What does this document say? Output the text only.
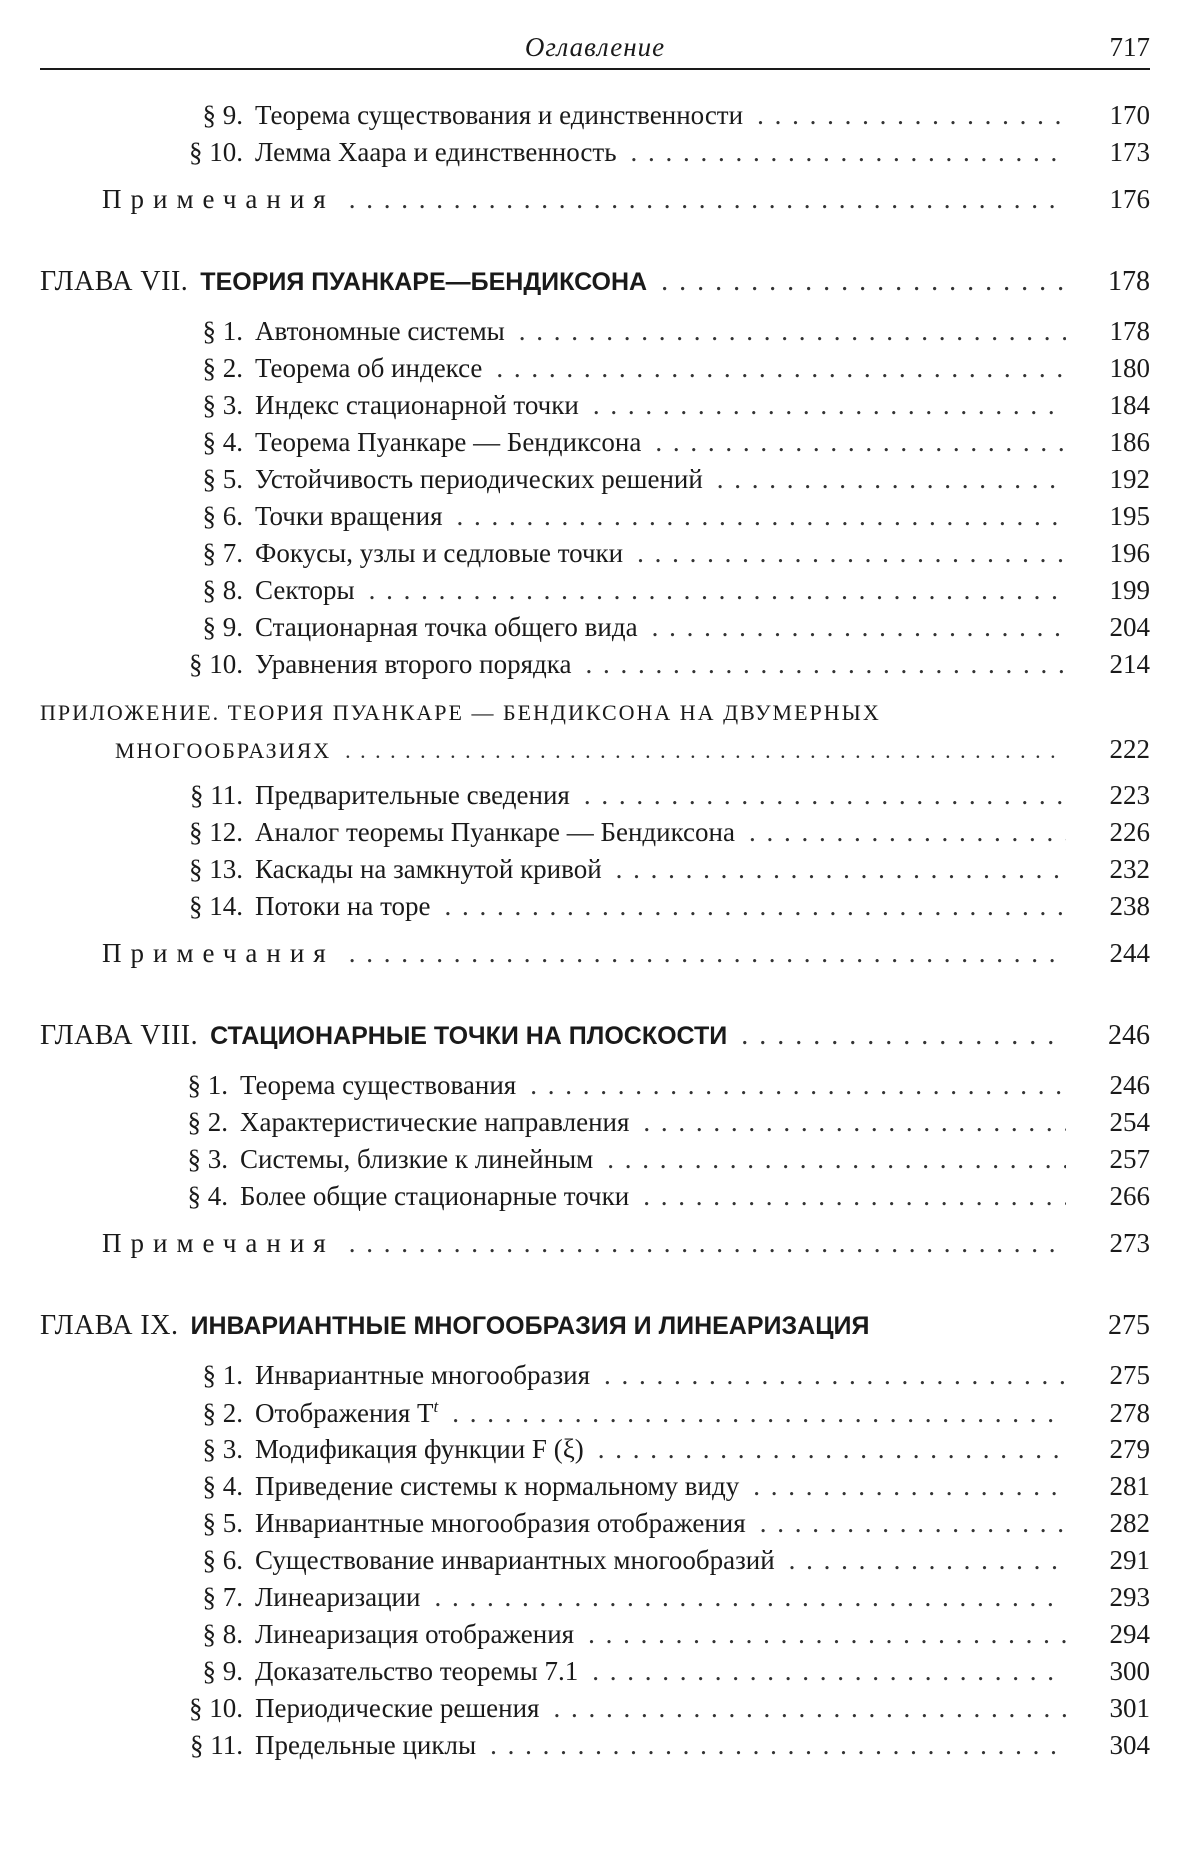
Оглавление	717
§ 9. Теорема существования и единственности . . .	170
§ 10. Лемма Хаара и единственность . . .	173
Примечания . . .	176
ГЛАВА VII. ТЕОРИЯ ПУАНКАРЕ—БЕНДИКСОНА . . .	178
§ 1. Автономные системы . . .	178
§ 2. Теорема об индексе . . .	180
§ 3. Индекс стационарной точки . . .	184
§ 4. Теорема Пуанкаре — Бендиксона . . .	186
§ 5. Устойчивость периодических решений . . .	192
§ 6. Точки вращения . . .	195
§ 7. Фокусы, узлы и седловые точки . . .	196
§ 8. Секторы . . .	199
§ 9. Стационарная точка общего вида . . .	204
§ 10. Уравнения второго порядка . . .	214
ПРИЛОЖЕНИЕ. ТЕОРИЯ ПУАНКАРЕ — БЕНДИКСОНА НА ДВУМЕРНЫХ
МНОГООБРАЗИЯХ . . .	222
§ 11. Предварительные сведения . . .	223
§ 12. Аналог теоремы Пуанкаре — Бендиксона . . .	226
§ 13. Каскады на замкнутой кривой . . .	232
§ 14. Потоки на торе . . .	238
Примечания . . .	244
ГЛАВА VIII. СТАЦИОНАРНЫЕ ТОЧКИ НА ПЛОСКОСТИ . . .	246
§ 1. Теорема существования . . .	246
§ 2. Характеристические направления . . .	254
§ 3. Системы, близкие к линейным . . .	257
§ 4. Более общие стационарные точки . . .	266
Примечания . . .	273
ГЛАВА IX. ИНВАРИАНТНЫЕ МНОГООБРАЗИЯ И ЛИНЕАРИЗАЦИЯ	275
§ 1. Инвариантные многообразия . . .	275
§ 2. Отображения $T^t$ . . .	278
§ 3. Модификация функции F (ξ) . . .	279
§ 4. Приведение системы к нормальному виду . . .	281
§ 5. Инвариантные многообразия отображения . . .	282
§ 6. Существование инвариантных многообразий . . .	291
§ 7. Линеаризации . . .	293
§ 8. Линеаризация отображения . . .	294
§ 9. Доказательство теоремы 7.1 . . .	300
§ 10. Периодические решения . . .	301
§ 11. Предельные циклы . . .	304
